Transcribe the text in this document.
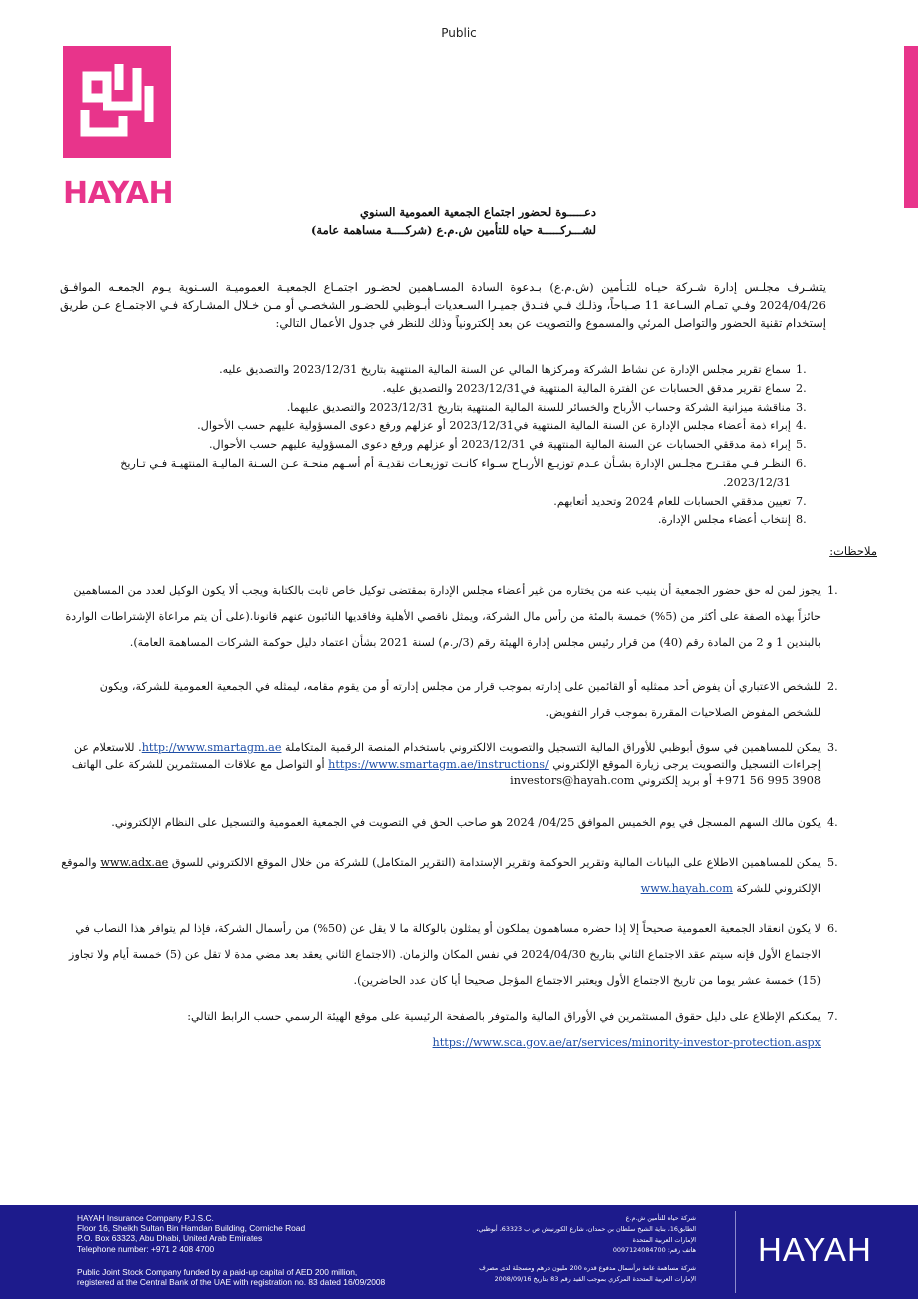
Public
HAYAH
دعـــــوة لحضور اجتماع الجمعية العمومية السنوي
لشـــركـــــة حياه للتأمين ش.م.ع (شركــــة مساهمة عامة)
يتشـرف مجلـس إدارة شـركة حيـاه للتـأمين (ش.م.ع) بـدعوة السادة المسـاهمين لحضـور اجتمـاع الجمعيـة العموميـة السـنوية يـوم الجمعـه الموافـق 2024/04/26 وفـي تمـام السـاعة 11 صـباحاً، وذلـك فـي فنـدق جميـرا السـعديات أبـوظبي للحضـور الشخصـي أو مـن خـلال المشـاركة فـي الاجتمـاع عـن طريق إستخدام تقنية الحضور والتواصل المرئي والمسموع والتصويت عن بعد إلكترونياً وذلك للنظر في جدول الأعمال التالي:
1.
سماع تقرير مجلس الإدارة عن نشاط الشركة ومركزها المالي عن السنة المالية المنتهية بتاريخ 2023/12/31 والتصديق عليه.
2.
سماع تقرير مدقق الحسابات عن الفترة المالية المنتهية في2023/12/31 والتصديق عليه.
3.
مناقشة ميزانية الشركة وحساب الأرباح والخسائر للسنة المالية المنتهية بتاريخ 2023/12/31 والتصديق عليهما.
4.
إبراء ذمة أعضاء مجلس الإدارة عن السنة المالية المنتهية في2023/12/31 أو عزلهم ورفع دعوى المسؤولية عليهم حسب الأحوال.
5.
إبراء ذمة مدققي الحسابات عن السنة المالية المنتهية في 2023/12/31 أو عزلهم ورفع دعوى المسؤولية عليهم حسب الأحوال.
6.
النظـر فـي مقتـرح مجلـس الإدارة بشـأن عـدم توزيـع الأربـاح سـواء كانـت توزيعـات نقديـة أم أسـهم منحـة عـن السـنة الماليـة المنتهيـة فـي تـاريخ 2023/12/31.
7.
تعيين مدققي الحسابات للعام 2024 وتحديد أتعابهم.
8.
إنتخاب أعضاء مجلس الإدارة.
ملاحظات:
1.
يجوز لمن له حق حضور الجمعية أن ينيب عنه من يختاره من غير أعضاء مجلس الإدارة بمقتضى توكيل خاص ثابت بالكتابة ويجب ألا يكون الوكيل لعدد من المساهمين حائزاً بهذه الصفة على أكثر من (5%) خمسة بالمئة من رأس مال الشركة، ويمثل ناقصي الأهلية وفاقديها النائبون عنهم قانونا.(على أن يتم مراعاة الإشتراطات الواردة بالبندين 1 و 2 من المادة رقم (40) من قرار رئيس مجلس إدارة الهيئة رقم (3/ر.م) لسنة 2021 بشأن اعتماد دليل حوكمة الشركات المساهمة العامة).
2.
للشخص الاعتباري أن يفوض أحد ممثليه أو القائمين على إدارته بموجب قرار من مجلس إدارته أو من يقوم مقامه، ليمثله في الجمعية العمومية للشركة، ويكون للشخص المفوض الصلاحيات المقررة بموجب قرار التفويض.
3.
يمكن للمساهمين في سوق أبوظبي للأوراق المالية التسجيل والتصويت الالكتروني باستخدام المنصة الرقمية المتكاملة http://www.smartagm.ae. للاستعلام عن إجراءات التسجيل والتصويت يرجى زيارة الموقع الإلكتروني https://www.smartagm.ae/instructions/ أو التواصل مع علاقات المستثمرين للشركة على الهاتف 3908 995 56 971+ أو بريد إلكتروني investors@hayah.com
4.
يكون مالك السهم المسجل في يوم الخميس الموافق 04/25/ 2024 هو صاحب الحق في التصويت في الجمعية العمومية والتسجيل على النظام الإلكتروني.
5.
يمكن للمساهمين الاطلاع على البيانات المالية وتقرير الحوكمة وتقرير الإستدامة (التقرير المتكامل) للشركة من خلال الموقع الالكتروني للسوق www.adx.ae والموقع الإلكتروني للشركة www.hayah.com
6.
لا يكون انعقاد الجمعية العمومية صحيحاً إلا إذا حضره مساهمون يملكون أو يمثلون بالوكالة ما لا يقل عن (50%) من رأسمال الشركة، فإذا لم يتوافر هذا النصاب في الاجتماع الأول فإنه سيتم عقد الاجتماع الثاني بتاريخ 2024/04/30 في نفس المكان والزمان. (الاجتماع الثاني يعقد بعد مضي مدة لا تقل عن (5) خمسة أيام ولا تجاوز (15) خمسة عشر يوما من تاريخ الاجتماع الأول ويعتبر الاجتماع المؤجل صحيحا أيا كان عدد الحاضرين).
7.
يمكنكم الإطلاع على دليل حقوق المستثمرين في الأوراق المالية والمتوفر بالصفحة الرئيسية على موقع الهيئة الرسمي حسب الرابط التالي: https://www.sca.gov.ae/ar/services/minority-investor-protection.aspx
HAYAH Insurance Company P.J.S.C.
Floor 16, Sheikh Sultan Bin Hamdan Building, Corniche Road
P.O. Box 63323, Abu Dhabi, United Arab Emirates
Telephone number: +971 2 408 4700
Public Joint Stock Company funded by a paid-up capital of AED 200 million,
registered at the Central Bank of the UAE with registration no. 83 dated 16/09/2008
شركة حياه للتأمين ش.م.ع
الطابق16، بناية الشيخ سلطان بن حمدان، شارع الكورنيش ص ب 63323، أبوظبي،
الإمارات العربية المتحدة
هاتف رقم: 0097124084700
شركة مساهمة عامة برأسمال مدفوع قدره 200 مليون درهم ومسجلة لدى مصرف
الإمارات العربية المتحدة المركزي بموجب القيد رقم 83 بتاريخ 2008/09/16
HAYAH
